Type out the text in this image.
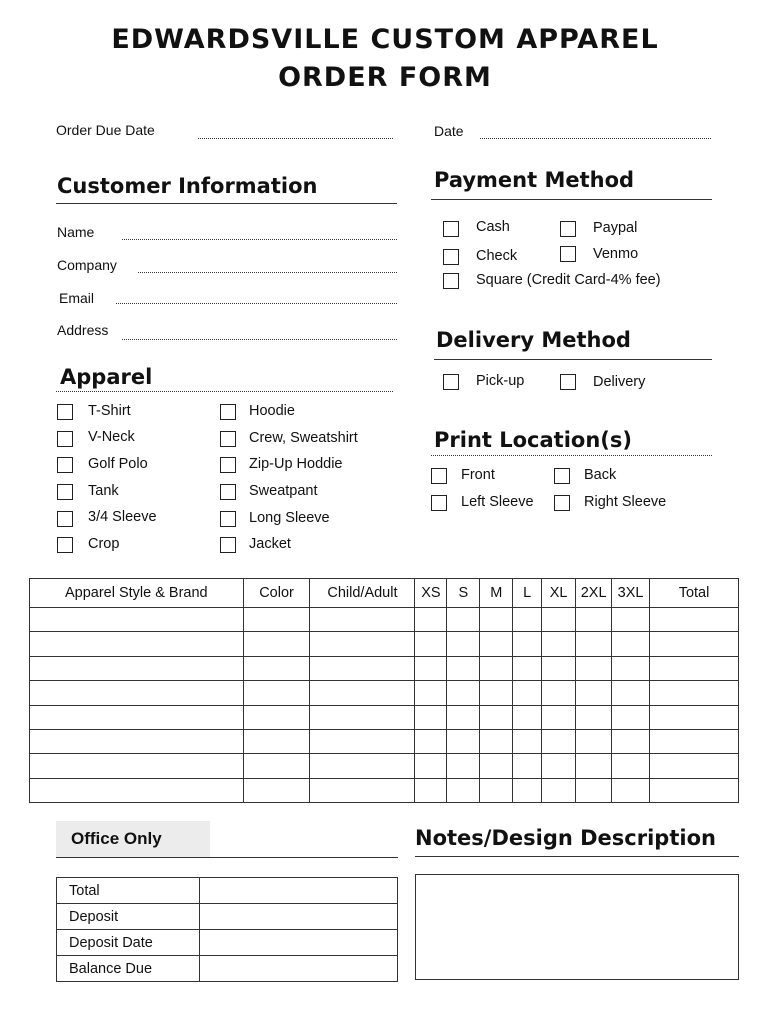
EDWARDSVILLE CUSTOM APPAREL
ORDER FORM
Order Due Date	Date
Customer Information
Name
Company
Email
Address
Payment Method
Cash	Paypal
Check	Venmo
Square (Credit Card-4% fee)
Delivery Method
Pick-up	Delivery
Apparel
T-Shirt
V-Neck
Golf Polo
Tank
3/4 Sleeve
Crop
Hoodie
Crew, Sweatshirt
Zip-Up Hoddie
Sweatpant
Long Sleeve
Jacket
Print Location(s)
Front	Back
Left Sleeve	Right Sleeve
Apparel Style & Brand	Color	Child/Adult	XS	S	M	L	XL	2XL	3XL	Total

Office Only
Total	
Deposit	
Deposit Date	
Balance Due	
Notes/Design Description
